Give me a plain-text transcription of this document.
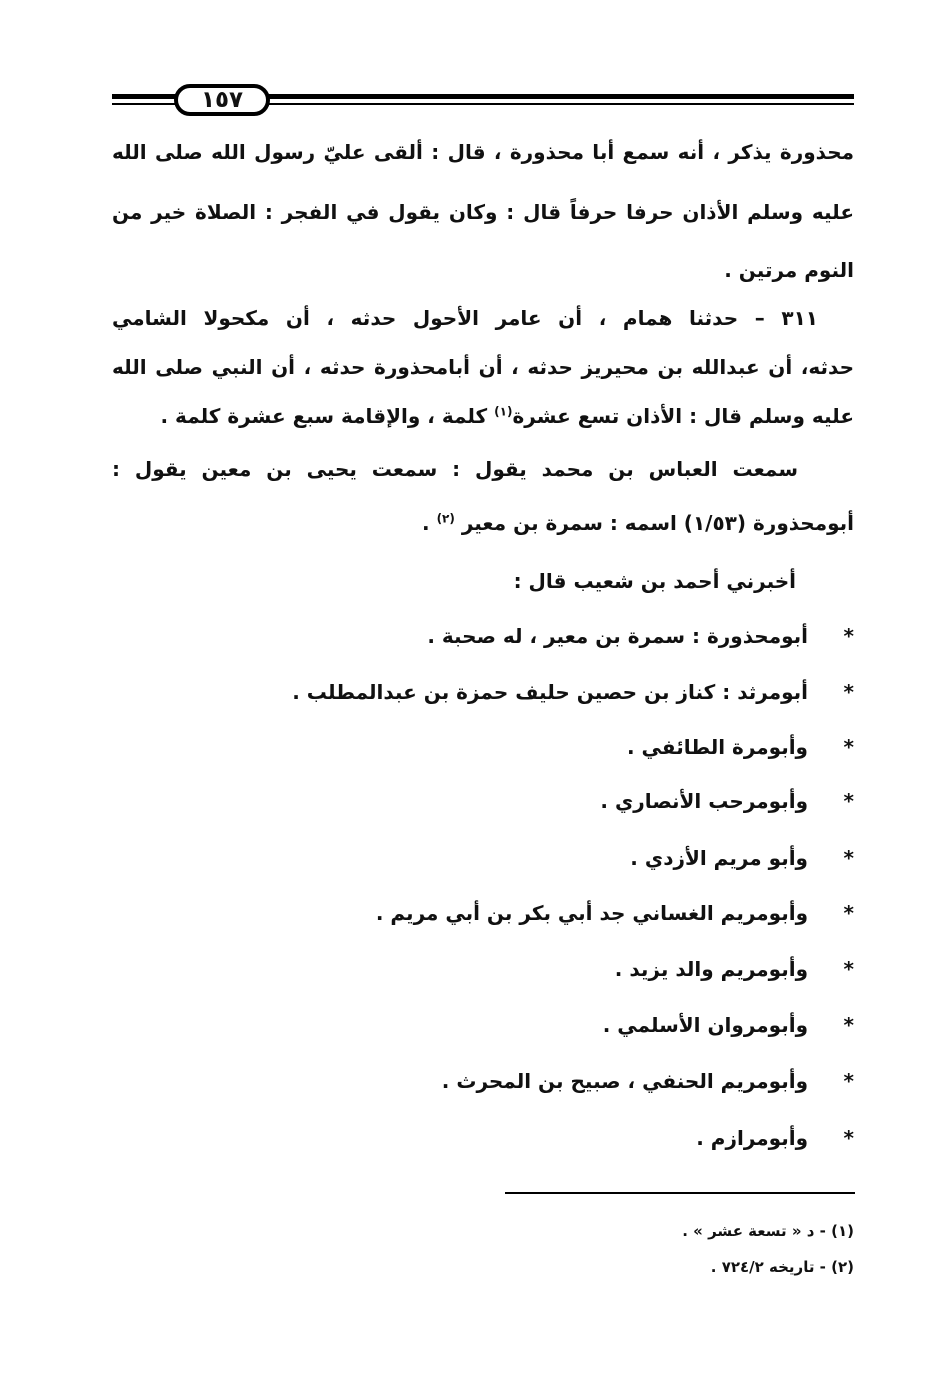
١٥٧
محذورة يذكر ، أنه سمع أبا محذورة ، قال : ألقى عليّ رسول الله صلى الله
عليه وسلم الأذان حرفا حرفاً قال : وكان يقول في الفجر : الصلاة خير من
النوم مرتين .
٣١١ – حدثنا همام ، أن عامر الأحول حدثه ، أن مكحولا الشامي
حدثه، أن عبدالله بن محيريز حدثه ، أن أبامحذورة حدثه ، أن النبي صلى الله
عليه وسلم قال : الأذان تسع عشرة$^{(١)}$ كلمة ، والإقامة سبع عشرة كلمة .
سمعت العباس بن محمد يقول : سمعت يحيى بن معين يقول :
أبومحذورة (١/٥٣) اسمه : سمرة بن معير $^{(٢)}$ .
أخبرني أحمد بن شعيب قال :
*أبومحذورة : سمرة بن معير ، له صحبة .
*أبومرثد : كناز بن حصين حليف حمزة بن عبدالمطلب .
*وأبومرة الطائفي .
*وأبومرحب الأنصاري .
*وأبو مريم الأزدي .
*وأبومريم الغساني جد أبي بكر بن أبي مريم .
*وأبومريم والد يزيد .
*وأبومروان الأسلمي .
*وأبومريم الحنفي ، صبيح بن المحرث .
*وأبومرازم .
(١) - د « تسعة عشر » .
(٢) - تاريخه ٧٢٤/٢ .
